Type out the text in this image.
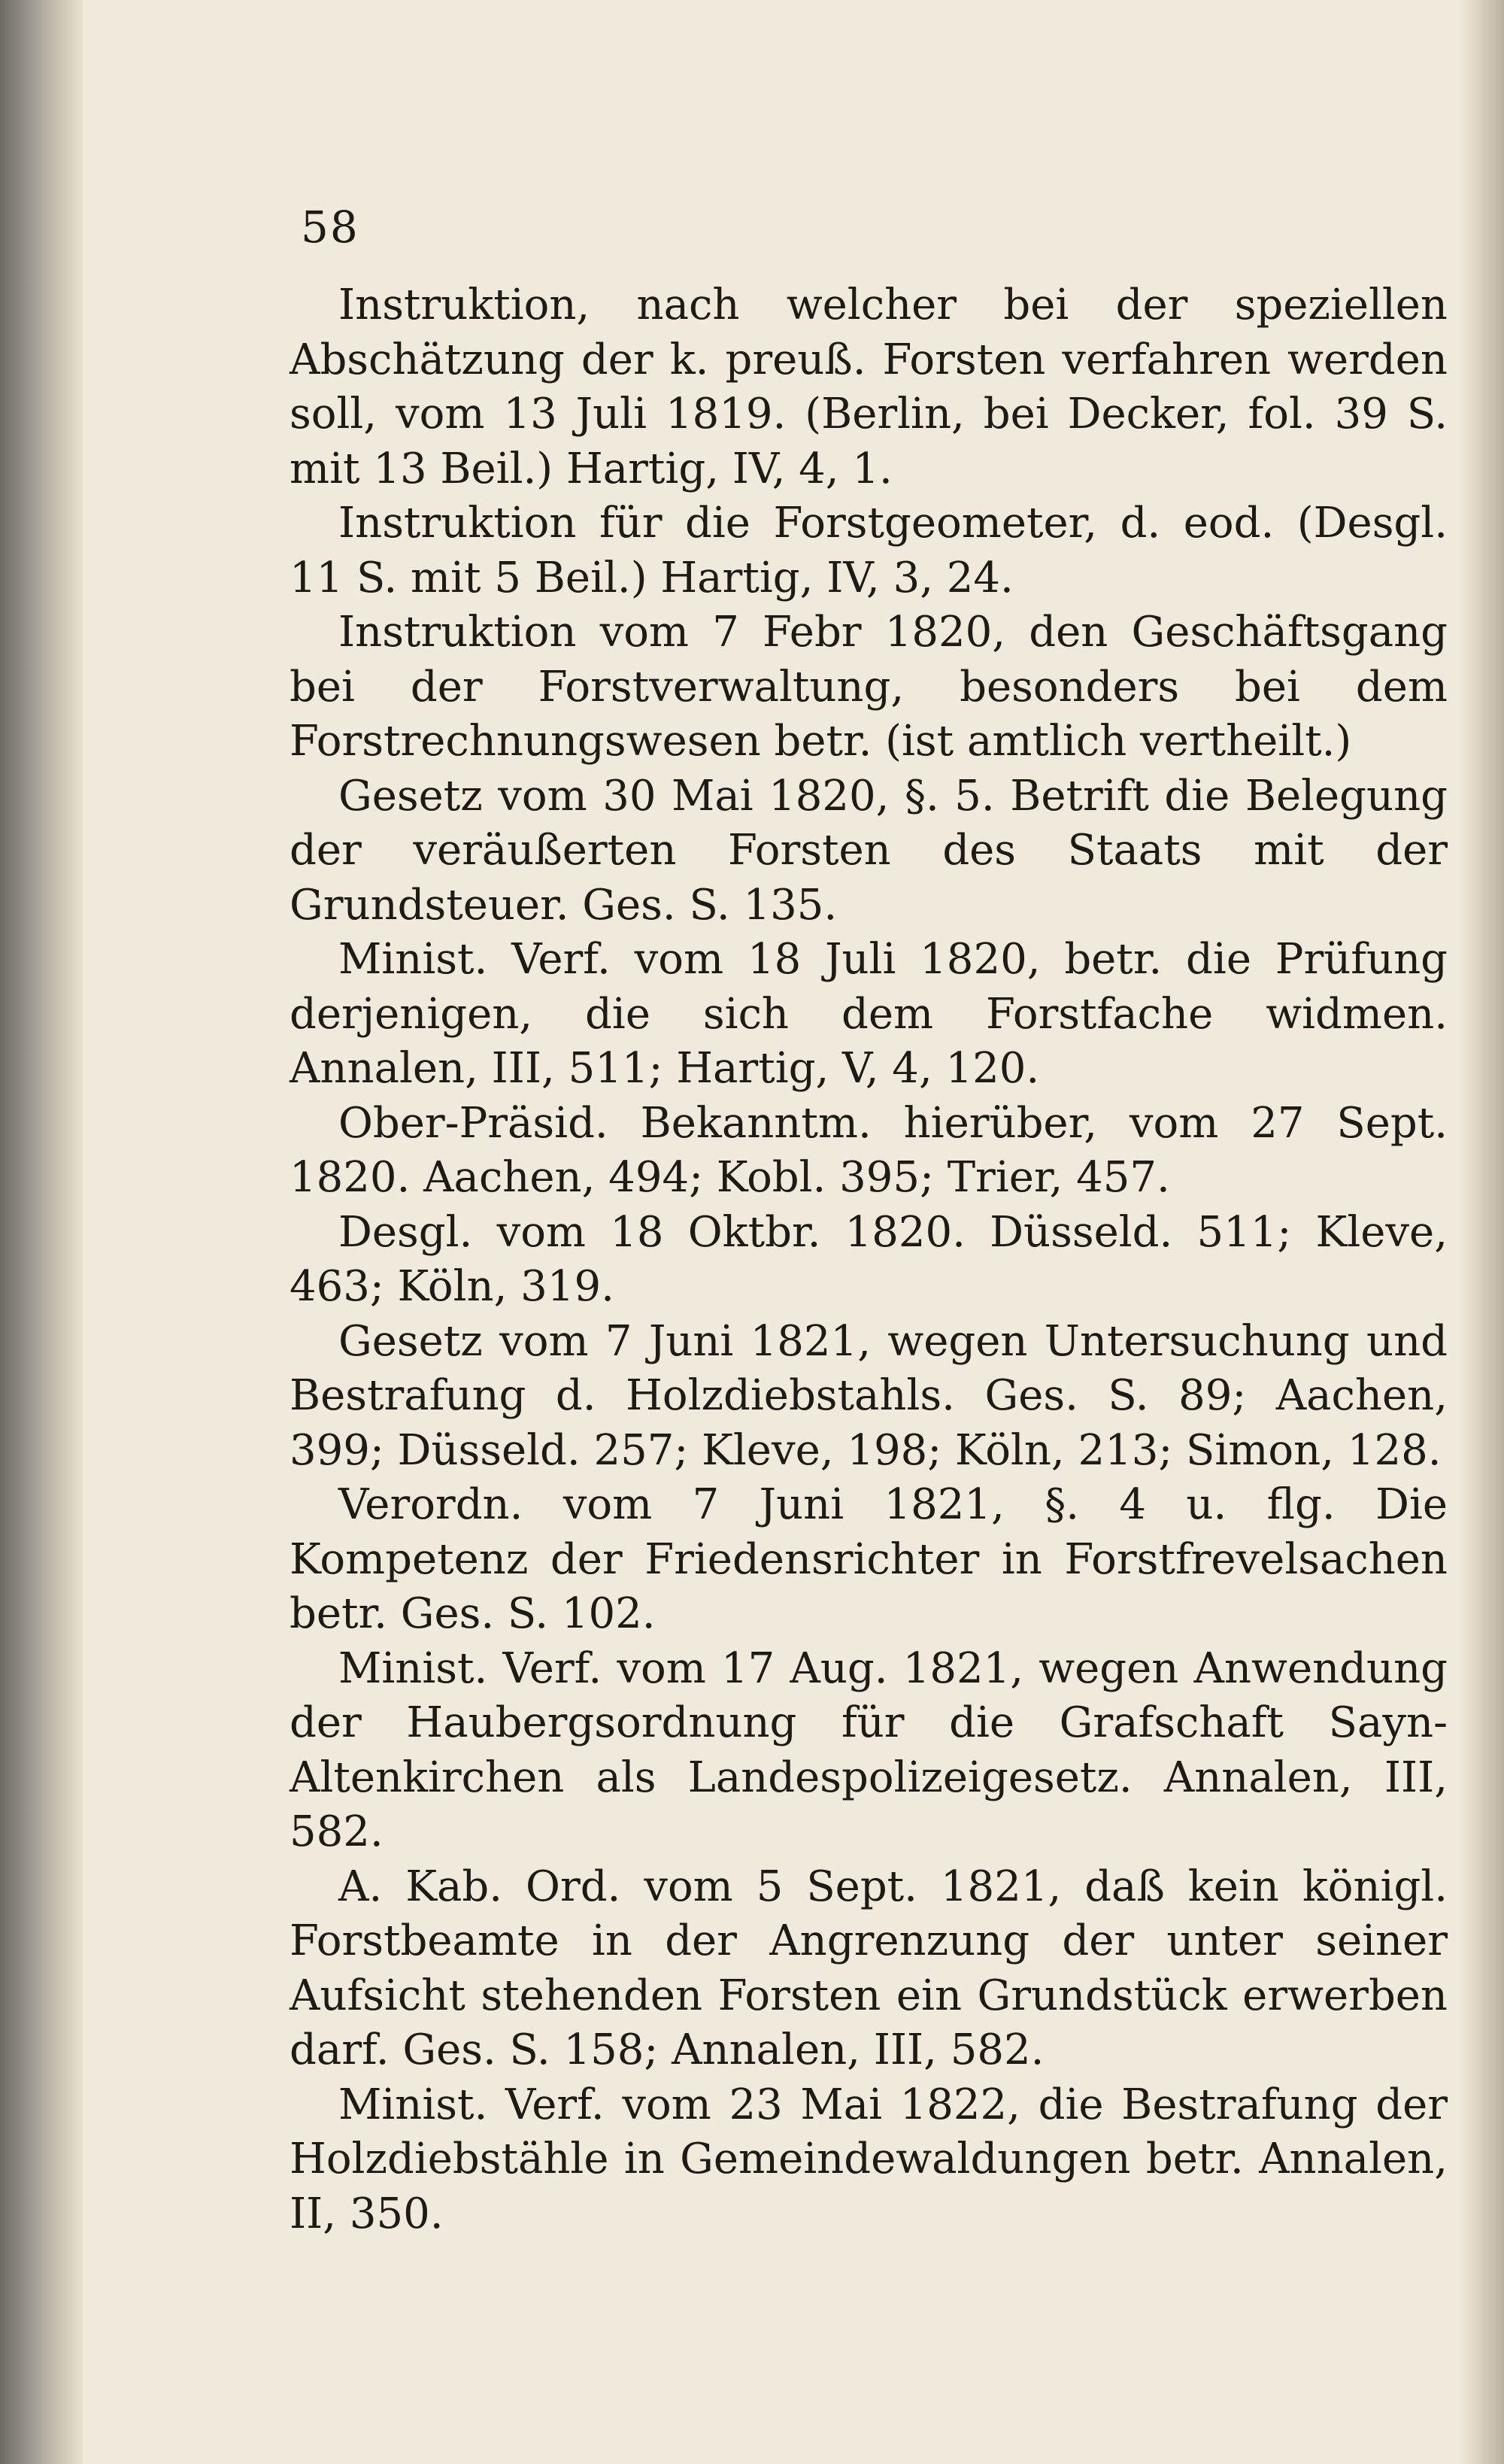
58

Instruktion, nach welcher bei der speziellen Abschätzung der k. preuß. Forsten verfahren werden soll, vom 13 Juli 1819. (Berlin, bei Decker, fol. 39 S. mit 13 Beil.) Hartig, IV, 4, 1.

Instruktion für die Forstgeometer, d. eod. (Desgl. 11 S. mit 5 Beil.) Hartig, IV, 3, 24.

Instruktion vom 7 Febr 1820, den Geschäftsgang bei der Forstverwaltung, besonders bei dem Forstrechnungswesen betr. (ist amtlich vertheilt.)

Gesetz vom 30 Mai 1820, §. 5. Betrift die Belegung der veräußerten Forsten des Staats mit der Grundsteuer. Ges. S. 135.

Minist. Verf. vom 18 Juli 1820, betr. die Prüfung derjenigen, die sich dem Forstfache widmen. Annalen, III, 511; Hartig, V, 4, 120.

Ober-Präsid. Bekanntm. hierüber, vom 27 Sept. 1820. Aachen, 494; Kobl. 395; Trier, 457.

Desgl. vom 18 Oktbr. 1820. Düsseld. 511; Kleve, 463; Köln, 319.

Gesetz vom 7 Juni 1821, wegen Untersuchung und Bestrafung d. Holzdiebstahls. Ges. S. 89; Aachen, 399; Düsseld. 257; Kleve, 198; Köln, 213; Simon, 128.

Verordn. vom 7 Juni 1821, §. 4 u. flg. Die Kompetenz der Friedensrichter in Forstfrevelsachen betr. Ges. S. 102.

Minist. Verf. vom 17 Aug. 1821, wegen Anwendung der Haubergsordnung für die Grafschaft Sayn-Altenkirchen als Landespolizeigesetz. Annalen, III, 582.

A. Kab. Ord. vom 5 Sept. 1821, daß kein königl. Forstbeamte in der Angrenzung der unter seiner Aufsicht stehenden Forsten ein Grundstück erwerben darf. Ges. S. 158; Annalen, III, 582.

Minist. Verf. vom 23 Mai 1822, die Bestrafung der Holzdiebstähle in Gemeindewaldungen betr. Annalen, II, 350.
